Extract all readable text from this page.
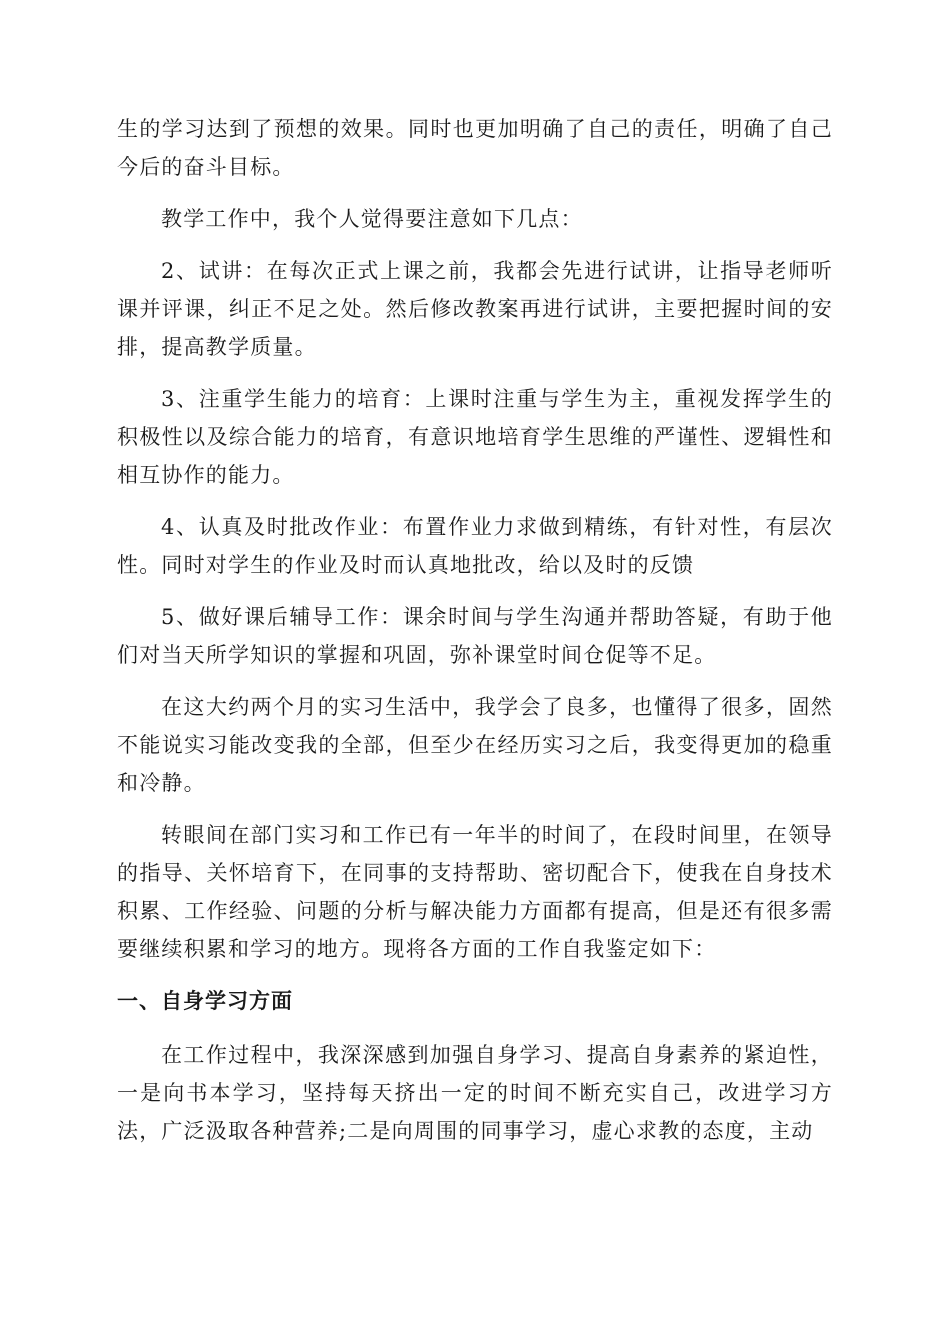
生的学习达到了预想的效果。同时也更加明确了自己的责任，明确了自己今后的奋斗目标。

教学工作中，我个人觉得要注意如下几点：

2、试讲：在每次正式上课之前，我都会先进行试讲，让指导老师听课并评课，纠正不足之处。然后修改教案再进行试讲，主要把握时间的安排，提高教学质量。

3、注重学生能力的培育：上课时注重与学生为主，重视发挥学生的积极性以及综合能力的培育，有意识地培育学生思维的严谨性、逻辑性和相互协作的能力。

4、认真及时批改作业：布置作业力求做到精练，有针对性，有层次性。同时对学生的作业及时而认真地批改，给以及时的反馈

5、做好课后辅导工作：课余时间与学生沟通并帮助答疑，有助于他们对当天所学知识的掌握和巩固，弥补课堂时间仓促等不足。

在这大约两个月的实习生活中，我学会了良多，也懂得了很多，固然不能说实习能改变我的全部，但至少在经历实习之后，我变得更加的稳重和冷静。

转眼间在部门实习和工作已有一年半的时间了，在段时间里，在领导的指导、关怀培育下，在同事的支持帮助、密切配合下，使我在自身技术积累、工作经验、问题的分析与解决能力方面都有提高，但是还有很多需要继续积累和学习的地方。现将各方面的工作自我鉴定如下：

一、自身学习方面

在工作过程中，我深深感到加强自身学习、提高自身素养的紧迫性，一是向书本学习，坚持每天挤出一定的时间不断充实自己，改进学习方法，广泛汲取各种营养;二是向周围的同事学习，虚心求教的态度，主动
